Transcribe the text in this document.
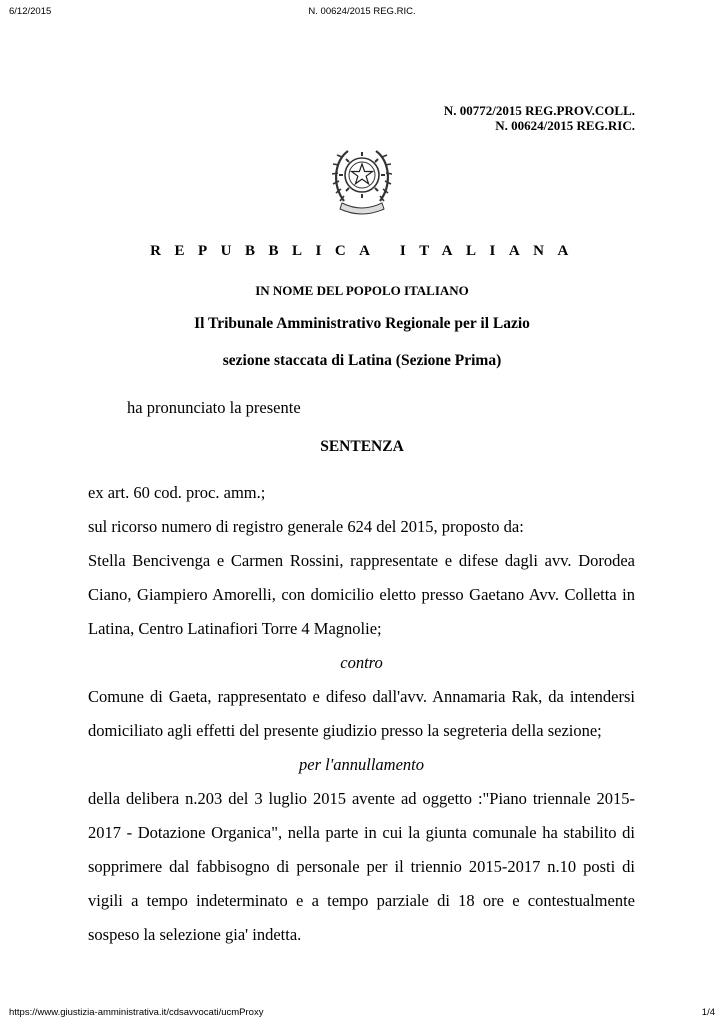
6/12/2015	N. 00624/2015 REG.RIC.
N. 00772/2015 REG.PROV.COLL.
N. 00624/2015 REG.RIC.
REPUBBLICA ITALIANA
IN NOME DEL POPOLO ITALIANO
Il Tribunale Amministrativo Regionale per il Lazio
sezione staccata di Latina (Sezione Prima)
ha pronunciato la presente
SENTENZA

ex art. 60 cod. proc. amm.;

sul ricorso numero di registro generale 624 del 2015, proposto da:

Stella Bencivenga e Carmen Rossini, rappresentate e difese dagli avv. Dorodea Ciano, Giampiero Amorelli, con domicilio eletto presso Gaetano Avv. Colletta in Latina, Centro Latinafiori Torre 4 Magnolie;

contro

Comune di Gaeta, rappresentato e difeso dall'avv. Annamaria Rak, da intendersi domiciliato agli effetti del presente giudizio presso la segreteria della sezione;

per l'annullamento

della delibera n.203 del 3 luglio 2015 avente ad oggetto :"Piano triennale 2015-2017 - Dotazione Organica", nella parte in cui la giunta comunale ha stabilito di sopprimere dal fabbisogno di personale per il triennio 2015-2017 n.10 posti di vigili a tempo indeterminato e a tempo parziale di 18 ore e contestualmente sospeso la selezione gia' indetta.

https://www.giustizia-amministrativa.it/cdsavvocati/ucmProxy	1/4
